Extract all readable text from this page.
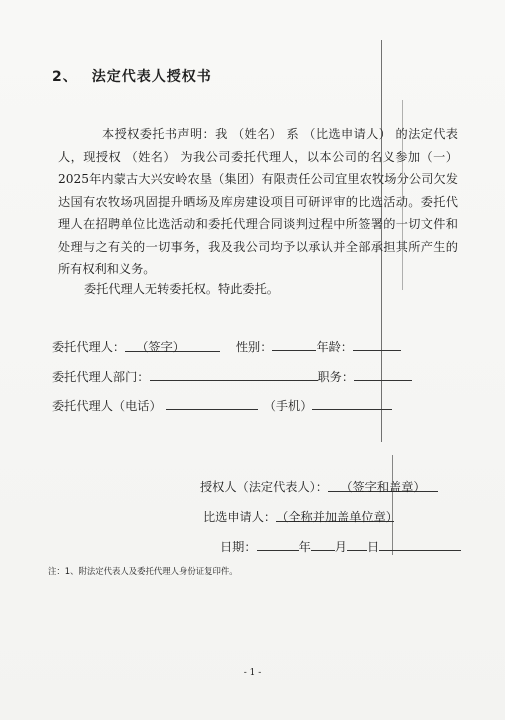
2、 法定代表人授权书
本授权委托书声明：我 （姓名） 系 （比选申请人） 的法定代表人，现授权 （姓名） 为我公司委托代理人，以本公司的名义参加（一）2025年内蒙古大兴安岭农垦（集团）有限责任公司宜里农牧场分公司欠发达国有农牧场巩固提升晒场及库房建设项目可研评审的比选活动。委托代理人在招聘单位比选活动和委托代理合同谈判过程中所签署的一切文件和处理与之有关的一切事务，我及我公司均予以承认并全部承担其所产生的所有权利和义务。
委托代理人无转委托权。特此委托。
委托代理人： （签字）	性别：	年龄：
委托代理人部门：	职务：
委托代理人（电话）	（手机）
授权人（法定代表人）： （签字和盖章）
比选申请人：（全称并加盖单位章）
日期：	年 月 日
注：1、附法定代表人及委托代理人身份证复印件。
- 1 -
